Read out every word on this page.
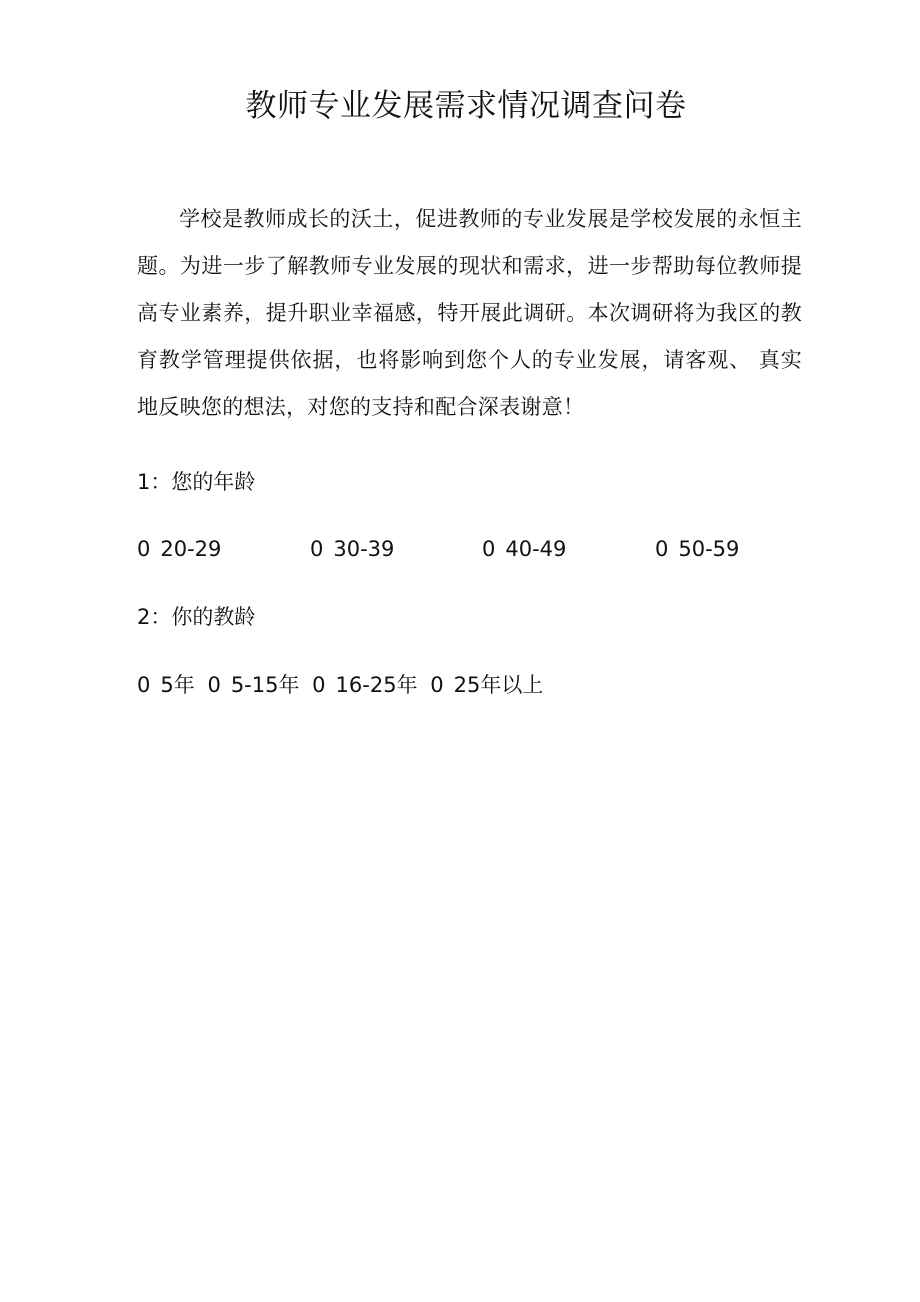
教师专业发展需求情况调查问卷

学校是教师成长的沃土，促进教师的专业发展是学校发展的永恒主题。为进一步了解教师专业发展的现状和需求，进一步帮助每位教师提高专业素养，提升职业幸福感，特开展此调研。本次调研将为我区的教育教学管理提供依据，也将影响到您个人的专业发展，请客观、 真实地反映您的想法，对您的支持和配合深表谢意！

1：您的年龄

0 20-29	0 30-39	0 40-49	0 50-59

2：你的教龄

0 5年 0 5-15年 0 16-25年 0 25年以上
